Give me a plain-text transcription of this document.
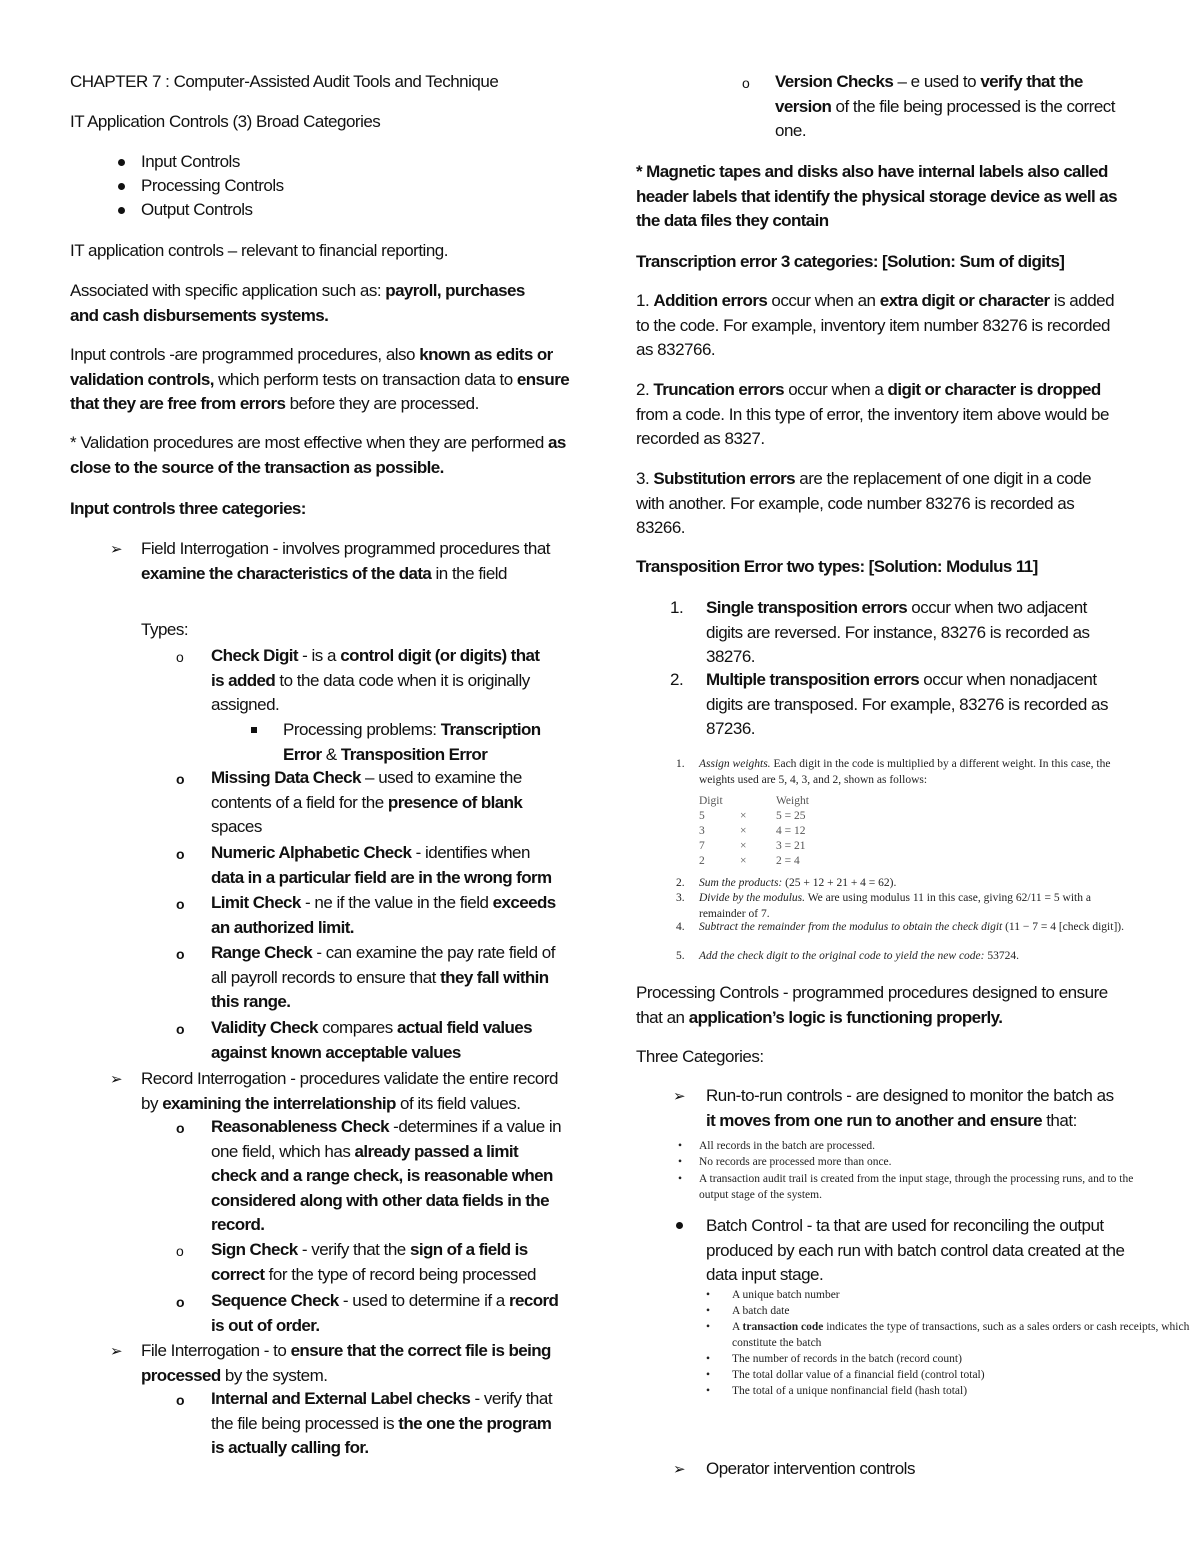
CHAPTER 7 : Computer-Assisted Audit Tools and Technique
IT Application Controls (3) Broad Categories
Input Controls
Processing Controls
Output Controls
IT application controls – relevant to financial reporting.
Associated with specific application such as: payroll, purchases and cash disbursements systems.
Input controls -are programmed procedures, also known as edits or validation controls, which perform tests on transaction data to ensure that they are free from errors before they are processed.
* Validation procedures are most effective when they are performed as close to the source of the transaction as possible.
Input controls three categories:
➢ Field Interrogation - involves programmed procedures that examine the characteristics of the data in the field
Types:
o Check Digit - is a control digit (or digits) that is added to the data code when it is originally assigned.
Processing problems: Transcription Error & Transposition Error
o Missing Data Check – used to examine the contents of a field for the presence of blank spaces
o Numeric Alphabetic Check - identifies when data in a particular field are in the wrong form
o Limit Check - ne if the value in the field exceeds an authorized limit.
o Range Check - can examine the pay rate field of all payroll records to ensure that they fall within this range.
o Validity Check compares actual field values against known acceptable values
➢ Record Interrogation - procedures validate the entire record by examining the interrelationship of its field values.
o Reasonableness Check -determines if a value in one field, which has already passed a limit check and a range check, is reasonable when considered along with other data fields in the record.
o Sign Check - verify that the sign of a field is correct for the type of record being processed
o Sequence Check - used to determine if a record is out of order.
➢ File Interrogation - to ensure that the correct file is being processed by the system.
o Internal and External Label checks - verify that the file being processed is the one the program is actually calling for.
o Version Checks – e used to verify that the version of the file being processed is the correct one.
* Magnetic tapes and disks also have internal labels also called header labels that identify the physical storage device as well as the data files they contain
Transcription error 3 categories: [Solution: Sum of digits]
1. Addition errors occur when an extra digit or character is added to the code. For example, inventory item number 83276 is recorded as 832766.
2. Truncation errors occur when a digit or character is dropped from a code. In this type of error, the inventory item above would be recorded as 8327.
3. Substitution errors are the replacement of one digit in a code with another. For example, code number 83276 is recorded as 83266.
Transposition Error two types: [Solution: Modulus 11]
1. Single transposition errors occur when two adjacent digits are reversed. For instance, 83276 is recorded as 38276.
2. Multiple transposition errors occur when nonadjacent digits are transposed. For example, 83276 is recorded as 87236.
1. Assign weights. Each digit in the code is multiplied by a different weight. In this case, the weights used are 5, 4, 3, and 2, shown as follows:
Digit	Weight
5	×	5 = 25
3	×	4 = 12
7	×	3 = 21
2	×	2 = 4
2. Sum the products: (25 + 12 + 21 + 4 = 62).
3. Divide by the modulus. We are using modulus 11 in this case, giving 62/11 = 5 with a remainder of 7.
4. Subtract the remainder from the modulus to obtain the check digit (11 − 7 = 4 [check digit]).
5. Add the check digit to the original code to yield the new code: 53724.
Processing Controls - programmed procedures designed to ensure that an application’s logic is functioning properly.
Three Categories:
➢ Run-to-run controls - are designed to monitor the batch as it moves from one run to another and ensure that:
• All records in the batch are processed.
• No records are processed more than once.
• A transaction audit trail is created from the input stage, through the processing runs, and to the output stage of the system.
Batch Control - ta that are used for reconciling the output produced by each run with batch control data created at the data input stage.
• A unique batch number
• A batch date
• A transaction code indicates the type of transactions, such as a sales orders or cash receipts, which constitute the batch
• The number of records in the batch (record count)
• The total dollar value of a financial field (control total)
• The total of a unique nonfinancial field (hash total)
➢ Operator intervention controls
